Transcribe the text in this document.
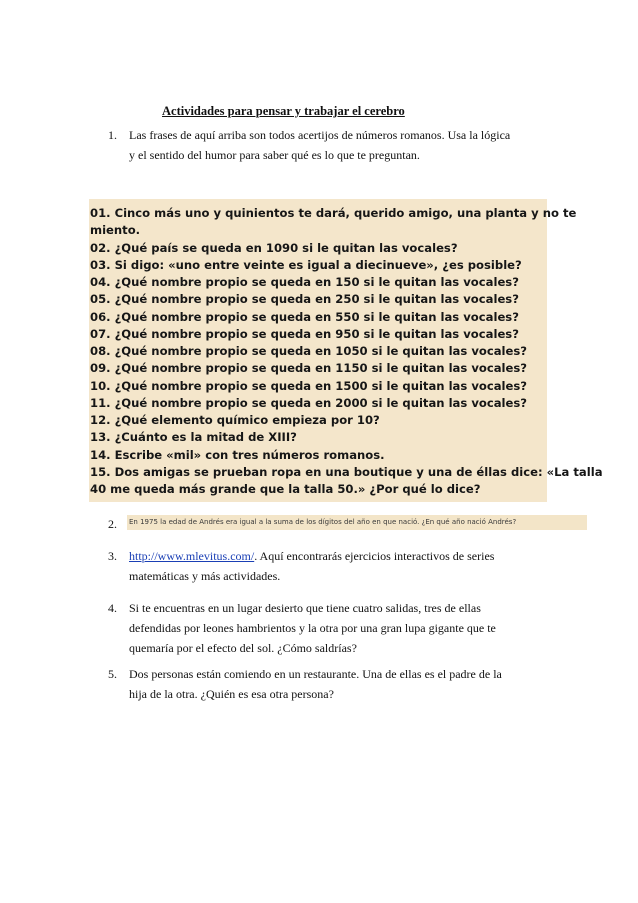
Actividades para pensar y trabajar el cerebro
1.	Las frases de aquí arriba son todos acertijos de números romanos. Usa la lógica
y el sentido del humor para saber qué es lo que te preguntan.
01. Cinco más uno y quinientos te dará, querido amigo, una planta y no te
miento.
02. ¿Qué país se queda en 1090 si le quitan las vocales?
03. Si digo: «uno entre veinte es igual a diecinueve», ¿es posible?
04. ¿Qué nombre propio se queda en 150 si le quitan las vocales?
05. ¿Qué nombre propio se queda en 250 si le quitan las vocales?
06. ¿Qué nombre propio se queda en 550 si le quitan las vocales?
07. ¿Qué nombre propio se queda en 950 si le quitan las vocales?
08. ¿Qué nombre propio se queda en 1050 si le quitan las vocales?
09. ¿Qué nombre propio se queda en 1150 si le quitan las vocales?
10. ¿Qué nombre propio se queda en 1500 si le quitan las vocales?
11. ¿Qué nombre propio se queda en 2000 si le quitan las vocales?
12. ¿Qué elemento químico empieza por 10?
13. ¿Cuánto es la mitad de XIII?
14. Escribe «mil» con tres números romanos.
15. Dos amigas se prueban ropa en una boutique y una de éllas dice: «La talla
40 me queda más grande que la talla 50.» ¿Por qué lo dice?
2.	En 1975 la edad de Andrés era igual a la suma de los dígitos del año en que nació. ¿En qué año nació Andrés?
3.	http://www.mlevitus.com/. Aquí encontrarás ejercicios interactivos de series
matemáticas y más actividades.
4.	Si te encuentras en un lugar desierto que tiene cuatro salidas, tres de ellas
defendidas por leones hambrientos y la otra por una gran lupa gigante que te
quemaría por el efecto del sol. ¿Cómo saldrías?
5.	Dos personas están comiendo en un restaurante. Una de ellas es el padre de la
hija de la otra. ¿Quién es esa otra persona?
